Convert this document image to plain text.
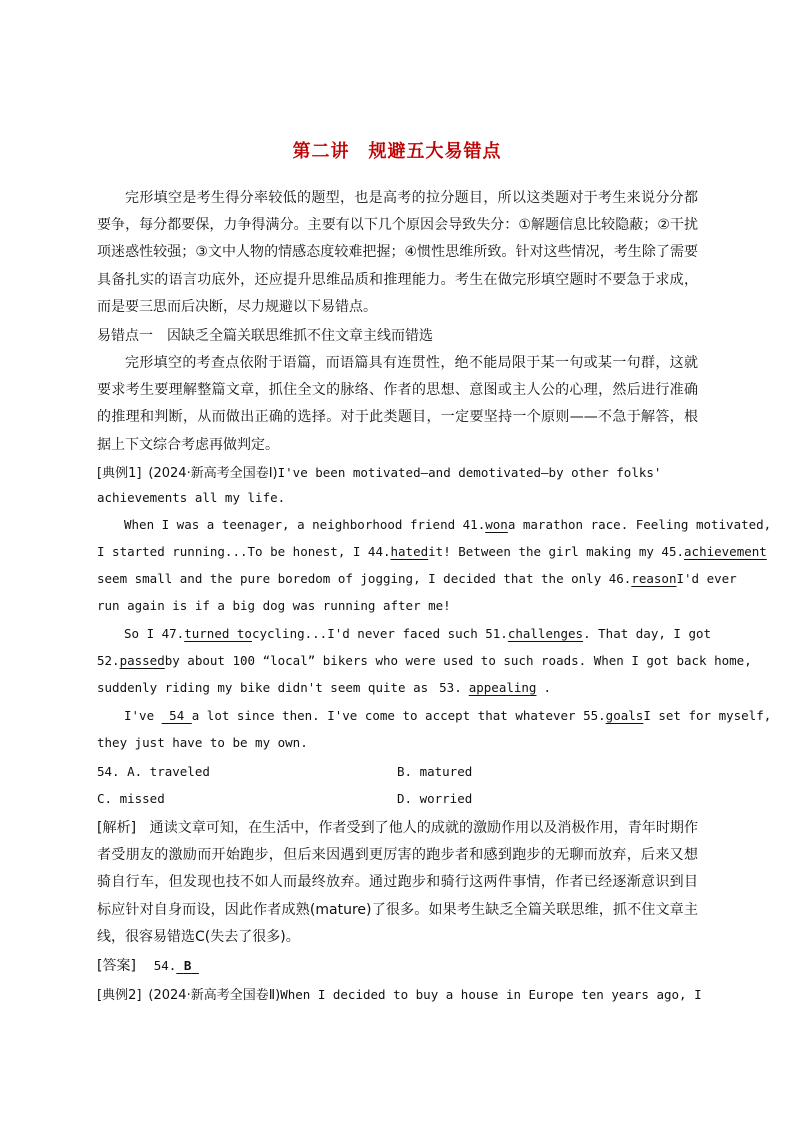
第二讲　规避五大易错点
完形填空是考生得分率较低的题型，也是高考的拉分题目，所以这类题对于考生来说分分都要争，每分都要保，力争得满分。主要有以下几个原因会导致失分：①解题信息比较隐蔽；②干扰项迷惑性较强；③文中人物的情感态度较难把握；④惯性思维所致。针对这些情况，考生除了需要具备扎实的语言功底外，还应提升思维品质和推理能力。考生在做完形填空题时不要急于求成，而是要三思而后决断，尽力规避以下易错点。
易错点一　因缺乏全篇关联思维抓不住文章主线而错选
完形填空的考查点依附于语篇，而语篇具有连贯性，绝不能局限于某一句或某一句群，这就要求考生要理解整篇文章，抓住全文的脉络、作者的思想、意图或主人公的心理，然后进行准确的推理和判断，从而做出正确的选择。对于此类题目，一定要坚持一个原则——不急于解答，根据上下文综合考虑再做判定。
[典例1] (2024·新高考全国卷Ⅰ) I've been motivated—and demotivated—by other folks'
achievements all my life.
When I was a teenager, a neighborhood friend 41.won a marathon race. Feeling motivated,
I started running...To be honest, I 44.hated it! Between the girl making my 45.achievement
seem small and the pure boredom of jogging, I decided that the only 46.reason I'd ever
run again is if a big dog was running after me!
So I 47.turned to cycling...I'd never faced such 51.challenges . That day, I got
52.passed by about 100 “local” bikers who were used to such roads. When I got back home,
suddenly riding my bike didn't seem quite as 53. appealing .
I've  54 a lot since then. I've come to accept that whatever 55.goals I set for myself,
they just have to be my own.
54. A. traveled	B. matured
C. missed	D. worried
[解析] 通读文章可知，在生活中，作者受到了他人的成就的激励作用以及消极作用，青年时期作者受朋友的激励而开始跑步，但后来因遇到更厉害的跑步者和感到跑步的无聊而放弃，后来又想骑自行车，但发现也技不如人而最终放弃。通过跑步和骑行这两件事情，作者已经逐渐意识到目标应针对自身而设，因此作者成熟(mature)了很多。如果考生缺乏全篇关联思维，抓不住文章主线，很容易错选C(失去了很多)。
[答案] 54. B
[典例2] (2024·新高考全国卷Ⅱ) When I decided to buy a house in Europe ten years ago, I
